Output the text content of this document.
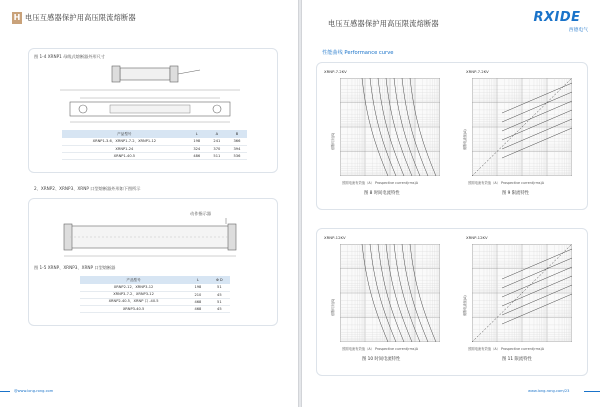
H 电压互感器保护用高压限流熔断器
图 1-4 XRNP1 母线式熔断器外形尺寸
产品型号	L	A	B
XRNP1-3.6、XRNP1-7.2、XRNP1-12	198	241	366
XRNP1-24	324	370	394
XRNP1-40.5	486	511	536
2、XRNP2、XRNP3、XRNP 口型熔断器外形如下图所示
动作指示器
图 1-5 XRNP、XRNP3、XRNP 口型熔断器
产品型号	L	Φ D
XRNP2-12、XRNP3-12	198	51
XRNP3-7.2、XRNP3-12	210	45
XRNP2-40.5、XRNP 口 -40.5	468	51
XRNP3-40.5	468	45
@www.long-rong.com
电压互感器保护用高压限流熔断器	RXIDE
西德电气
性能曲线 Performance curve
XRNP-7.2KV
熔断时间(S)
预期电流有效值（A） Prospective current(rms)A
图 8 时间电流特性
XRNP-7.2KV
截断电流值(A)
预期电流有效值（A） Prospective current(rms)A
图 9 限流特性
XRNP-12KV
熔断时间(S)
预期电流有效值（A） Prospective current(rms)A
图 10 时间电流特性
XRNP-12KV
截断电流值(A)
预期电流有效值（A） Prospective current(rms)A
图 11 限流特性
www.long-rong.com/23
